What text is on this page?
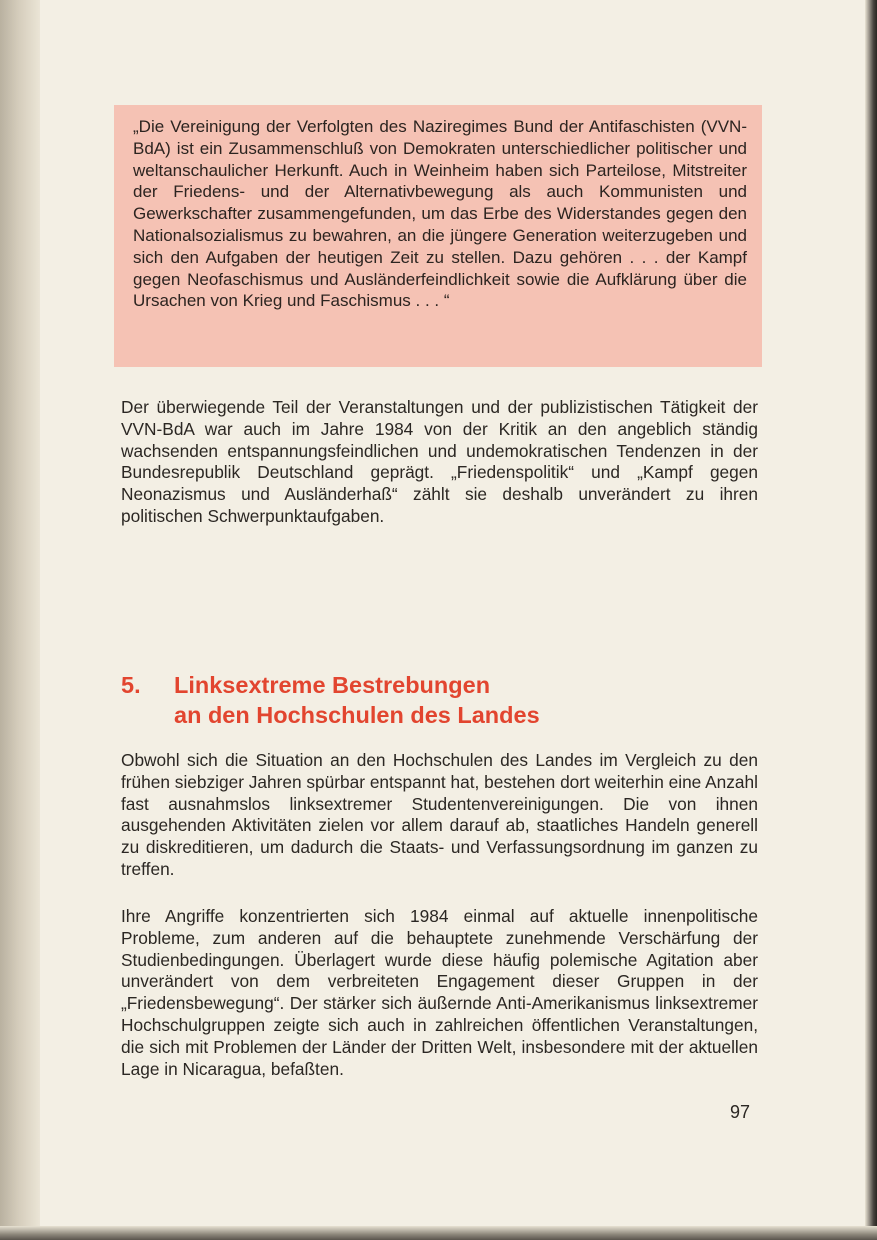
„Die Vereinigung der Verfolgten des Naziregimes Bund der Antifaschisten (VVN-BdA) ist ein Zusammenschluß von Demokraten unterschiedlicher politischer und weltanschaulicher Herkunft. Auch in Weinheim haben sich Parteilose, Mitstreiter der Friedens- und der Alternativbewegung als auch Kommunisten und Gewerkschafter zusammengefunden, um das Erbe des Widerstandes gegen den Nationalsozialismus zu bewahren, an die jüngere Generation weiterzugeben und sich den Aufgaben der heutigen Zeit zu stellen. Dazu gehören . . . der Kampf gegen Neofaschismus und Ausländerfeindlichkeit sowie die Aufklärung über die Ursachen von Krieg und Faschismus . . . “

Der überwiegende Teil der Veranstaltungen und der publizistischen Tätigkeit der VVN-BdA war auch im Jahre 1984 von der Kritik an den angeblich ständig wachsenden entspannungsfeindlichen und undemokratischen Tendenzen in der Bundesrepublik Deutschland geprägt. „Friedenspolitik“ und „Kampf gegen Neonazismus und Ausländerhaß“ zählt sie deshalb unverändert zu ihren politischen Schwerpunktaufgaben.

5. Linksextreme Bestrebungen
an den Hochschulen des Landes

Obwohl sich die Situation an den Hochschulen des Landes im Vergleich zu den frühen siebziger Jahren spürbar entspannt hat, bestehen dort weiterhin eine Anzahl fast ausnahmslos linksextremer Studentenvereinigungen. Die von ihnen ausgehenden Aktivitäten zielen vor allem darauf ab, staatliches Handeln generell zu diskreditieren, um dadurch die Staats- und Verfassungsordnung im ganzen zu treffen.

Ihre Angriffe konzentrierten sich 1984 einmal auf aktuelle innenpolitische Probleme, zum anderen auf die behauptete zunehmende Verschärfung der Studienbedingungen. Überlagert wurde diese häufig polemische Agitation aber unverändert von dem verbreiteten Engagement dieser Gruppen in der „Friedensbewegung“. Der stärker sich äußernde Anti-Amerikanismus linksextremer Hochschulgruppen zeigte sich auch in zahlreichen öffentlichen Veranstaltungen, die sich mit Problemen der Länder der Dritten Welt, insbesondere mit der aktuellen Lage in Nicaragua, befaßten.

97
